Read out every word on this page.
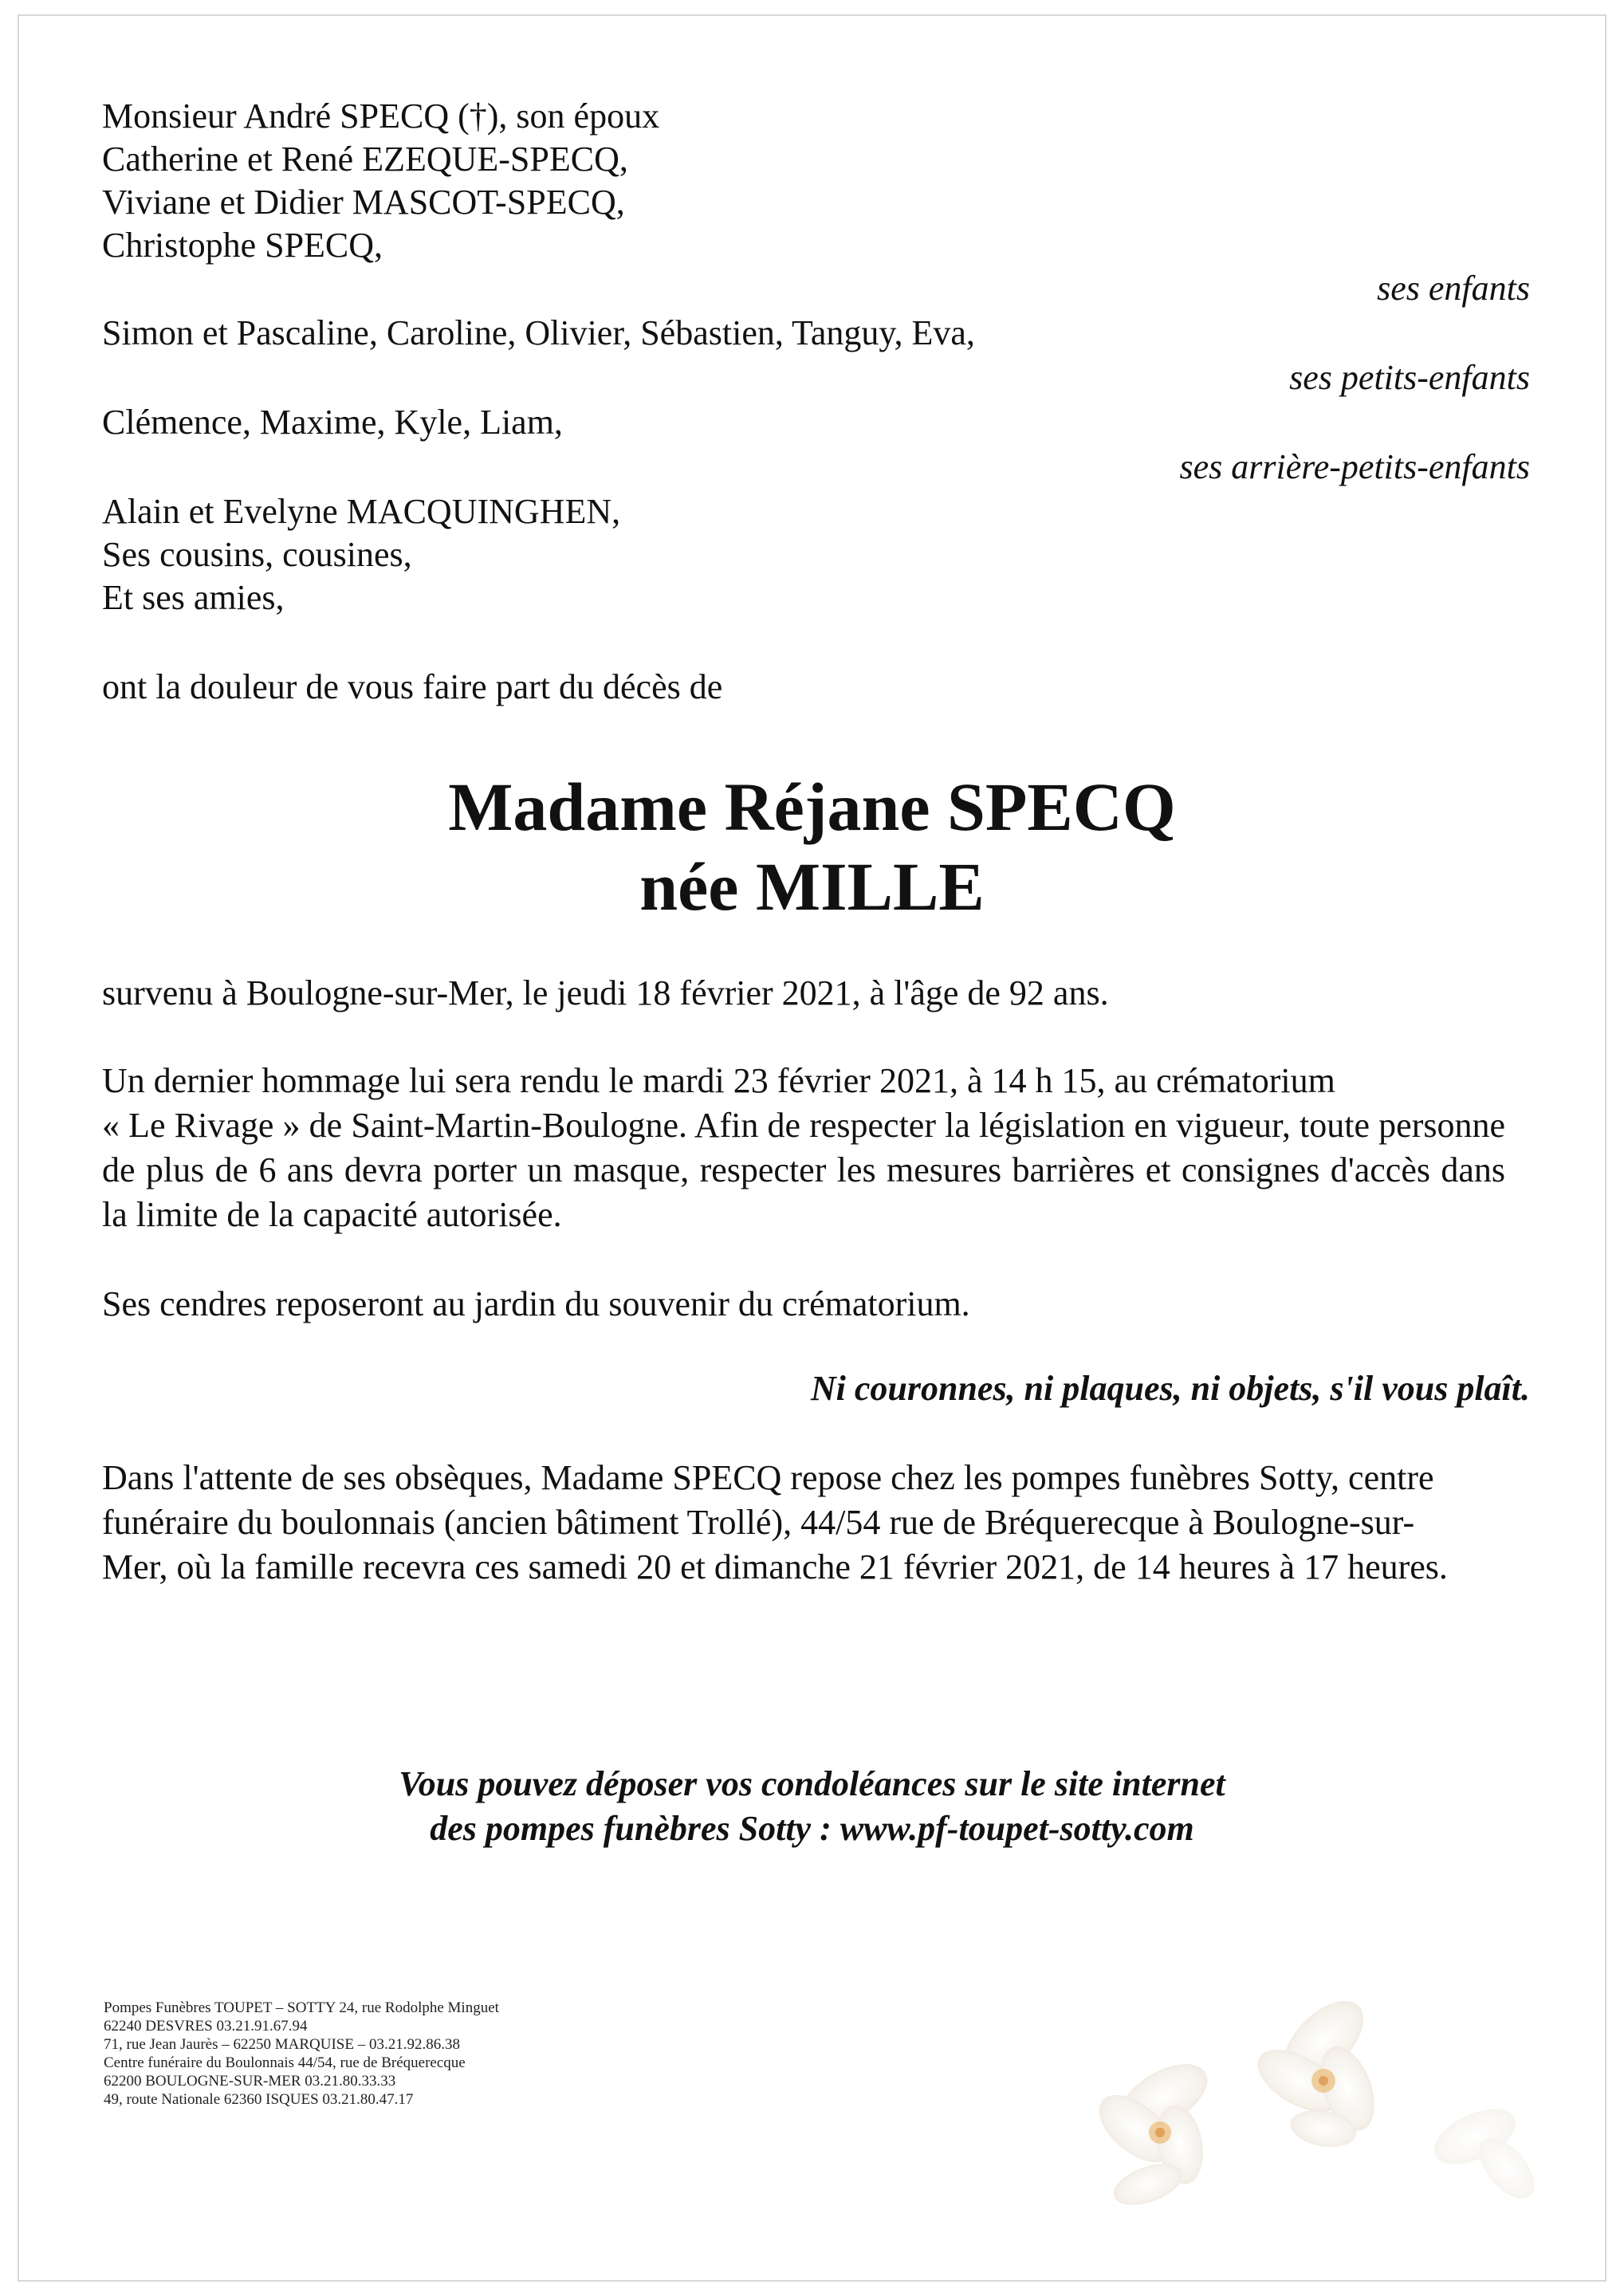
Monsieur André SPECQ (†), son époux
Catherine et René EZEQUE-SPECQ,
Viviane et Didier MASCOT-SPECQ,
Christophe SPECQ,
ses enfants
Simon et Pascaline, Caroline, Olivier, Sébastien, Tanguy, Eva,
ses petits-enfants
Clémence, Maxime, Kyle, Liam,
ses arrière-petits-enfants
Alain et Evelyne MACQUINGHEN,
Ses cousins, cousines,
Et ses amies,
ont la douleur de vous faire part du décès de
Madame Réjane SPECQ
née MILLE
survenu à Boulogne-sur-Mer, le jeudi 18 février 2021, à l'âge de 92 ans.
Un dernier hommage lui sera rendu le mardi 23 février 2021, à 14 h 15, au crématorium
« Le Rivage » de Saint-Martin-Boulogne. Afin de respecter la législation en vigueur, toute personne de plus de 6 ans devra porter un masque, respecter les mesures barrières et consignes d'accès dans la limite de la capacité autorisée.
Ses cendres reposeront au jardin du souvenir du crématorium.
Ni couronnes, ni plaques, ni objets, s'il vous plaît.
Dans l'attente de ses obsèques, Madame SPECQ repose chez les pompes funèbres Sotty, centre funéraire du boulonnais (ancien bâtiment Trollé), 44/54 rue de Bréquerecque à Boulogne-sur-Mer, où la famille recevra ces samedi 20 et dimanche 21 février 2021, de 14 heures à 17 heures.
Vous pouvez déposer vos condoléances sur le site internet
des pompes funèbres Sotty : www.pf-toupet-sotty.com
Pompes Funèbres TOUPET – SOTTY 24, rue Rodolphe Minguet
62240 DESVRES 03.21.91.67.94
71, rue Jean Jaurès – 62250 MARQUISE – 03.21.92.86.38
Centre funéraire du Boulonnais 44/54, rue de Bréquerecque
62200 BOULOGNE-SUR-MER 03.21.80.33.33
49, route Nationale 62360 ISQUES 03.21.80.47.17
